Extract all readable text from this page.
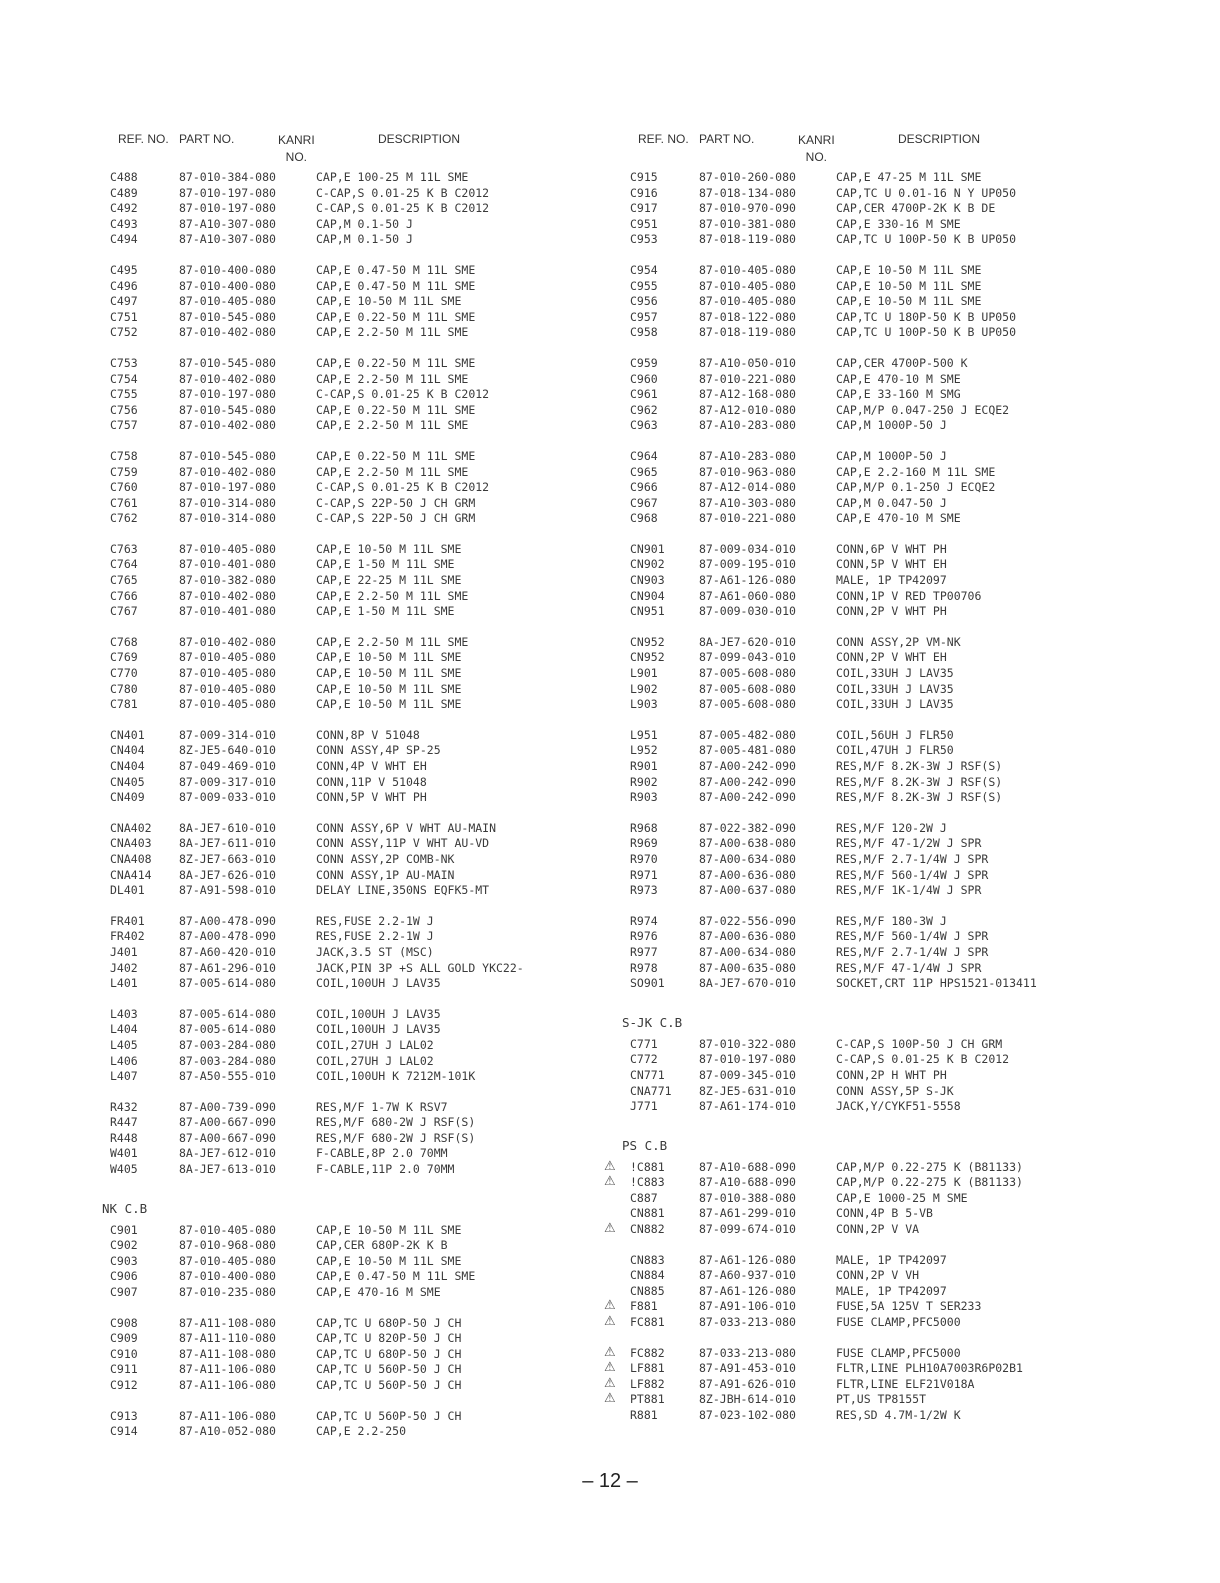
REF. NO. PART NO.	KANRI
NO.
DESCRIPTION
C488	87-010-384-080	CAP,E 100-25 M 11L SME
C489	87-010-197-080	C-CAP,S 0.01-25 K B C2012
C492	87-010-197-080	C-CAP,S 0.01-25 K B C2012
C493	87-A10-307-080	CAP,M 0.1-50 J
C494	87-A10-307-080	CAP,M 0.1-50 J
C495	87-010-400-080	CAP,E 0.47-50 M 11L SME
C496	87-010-400-080	CAP,E 0.47-50 M 11L SME
C497	87-010-405-080	CAP,E 10-50 M 11L SME
C751	87-010-545-080	CAP,E 0.22-50 M 11L SME
C752	87-010-402-080	CAP,E 2.2-50 M 11L SME
C753	87-010-545-080	CAP,E 0.22-50 M 11L SME
C754	87-010-402-080	CAP,E 2.2-50 M 11L SME
C755	87-010-197-080	C-CAP,S 0.01-25 K B C2012
C756	87-010-545-080	CAP,E 0.22-50 M 11L SME
C757	87-010-402-080	CAP,E 2.2-50 M 11L SME
C758	87-010-545-080	CAP,E 0.22-50 M 11L SME
C759	87-010-402-080	CAP,E 2.2-50 M 11L SME
C760	87-010-197-080	C-CAP,S 0.01-25 K B C2012
C761	87-010-314-080	C-CAP,S 22P-50 J CH GRM
C762	87-010-314-080	C-CAP,S 22P-50 J CH GRM
C763	87-010-405-080	CAP,E 10-50 M 11L SME
C764	87-010-401-080	CAP,E 1-50 M 11L SME
C765	87-010-382-080	CAP,E 22-25 M 11L SME
C766	87-010-402-080	CAP,E 2.2-50 M 11L SME
C767	87-010-401-080	CAP,E 1-50 M 11L SME
C768	87-010-402-080	CAP,E 2.2-50 M 11L SME
C769	87-010-405-080	CAP,E 10-50 M 11L SME
C770	87-010-405-080	CAP,E 10-50 M 11L SME
C780	87-010-405-080	CAP,E 10-50 M 11L SME
C781	87-010-405-080	CAP,E 10-50 M 11L SME
CN401	87-009-314-010	CONN,8P V 51048
CN404	8Z-JE5-640-010	CONN ASSY,4P SP-25
CN404	87-049-469-010	CONN,4P V WHT EH
CN405	87-009-317-010	CONN,11P V 51048
CN409	87-009-033-010	CONN,5P V WHT PH
CNA402 8A-JE7-610-010	CONN ASSY,6P V WHT AU-MAIN
CNA403 8A-JE7-611-010	CONN ASSY,11P V WHT AU-VD
CNA408 8Z-JE7-663-010	CONN ASSY,2P COMB-NK
CNA414 8A-JE7-626-010	CONN ASSY,1P AU-MAIN
DL401	87-A91-598-010	DELAY LINE,350NS EQFK5-MT
FR401	87-A00-478-090	RES,FUSE 2.2-1W J
FR402	87-A00-478-090	RES,FUSE 2.2-1W J
J401	87-A60-420-010	JACK,3.5 ST (MSC)
J402	87-A61-296-010	JACK,PIN 3P +S ALL GOLD YKC22-
L401	87-005-614-080	COIL,100UH J LAV35
L403	87-005-614-080	COIL,100UH J LAV35
L404	87-005-614-080	COIL,100UH J LAV35
L405	87-003-284-080	COIL,27UH J LAL02
L406	87-003-284-080	COIL,27UH J LAL02
L407	87-A50-555-010	COIL,100UH K 7212M-101K
R432	87-A00-739-090	RES,M/F 1-7W K RSV7
R447	87-A00-667-090	RES,M/F 680-2W J RSF(S)
R448	87-A00-667-090	RES,M/F 680-2W J RSF(S)
W401	8A-JE7-612-010	F-CABLE,8P 2.0 70MM
W405	8A-JE7-613-010	F-CABLE,11P 2.0 70MM
NK C.B
C901	87-010-405-080	CAP,E 10-50 M 11L SME
C902	87-010-968-080	CAP,CER 680P-2K K B
C903	87-010-405-080	CAP,E 10-50 M 11L SME
C906	87-010-400-080	CAP,E 0.47-50 M 11L SME
C907	87-010-235-080	CAP,E 470-16 M SME
C908	87-A11-108-080	CAP,TC U 680P-50 J CH
C909	87-A11-110-080	CAP,TC U 820P-50 J CH
C910	87-A11-108-080	CAP,TC U 680P-50 J CH
C911	87-A11-106-080	CAP,TC U 560P-50 J CH
C912	87-A11-106-080	CAP,TC U 560P-50 J CH
C913	87-A11-106-080	CAP,TC U 560P-50 J CH
C914	87-A10-052-080	CAP,E 2.2-250
REF. NO. PART NO.	KANRI
NO.
DESCRIPTION
C915	87-010-260-080	CAP,E 47-25 M 11L SME
C916	87-018-134-080	CAP,TC U 0.01-16 N Y UP050
C917	87-010-970-090	CAP,CER 4700P-2K K B DE
C951	87-010-381-080	CAP,E 330-16 M SME
C953	87-018-119-080	CAP,TC U 100P-50 K B UP050
C954	87-010-405-080	CAP,E 10-50 M 11L SME
C955	87-010-405-080	CAP,E 10-50 M 11L SME
C956	87-010-405-080	CAP,E 10-50 M 11L SME
C957	87-018-122-080	CAP,TC U 180P-50 K B UP050
C958	87-018-119-080	CAP,TC U 100P-50 K B UP050
C959	87-A10-050-010	CAP,CER 4700P-500 K
C960	87-010-221-080	CAP,E 470-10 M SME
C961	87-A12-168-080	CAP,E 33-160 M SMG
C962	87-A12-010-080	CAP,M/P 0.047-250 J ECQE2
C963	87-A10-283-080	CAP,M 1000P-50 J
C964	87-A10-283-080	CAP,M 1000P-50 J
C965	87-010-963-080	CAP,E 2.2-160 M 11L SME
C966	87-A12-014-080	CAP,M/P 0.1-250 J ECQE2
C967	87-A10-303-080	CAP,M 0.047-50 J
C968	87-010-221-080	CAP,E 470-10 M SME
CN901	87-009-034-010	CONN,6P V WHT PH
CN902	87-009-195-010	CONN,5P V WHT EH
CN903	87-A61-126-080	MALE, 1P TP42097
CN904	87-A61-060-080	CONN,1P V RED TP00706
CN951	87-009-030-010	CONN,2P V WHT PH
CN952	8A-JE7-620-010	CONN ASSY,2P VM-NK
CN952	87-099-043-010	CONN,2P V WHT EH
L901	87-005-608-080	COIL,33UH J LAV35
L902	87-005-608-080	COIL,33UH J LAV35
L903	87-005-608-080	COIL,33UH J LAV35
L951	87-005-482-080	COIL,56UH J FLR50
L952	87-005-481-080	COIL,47UH J FLR50
R901	87-A00-242-090	RES,M/F 8.2K-3W J RSF(S)
R902	87-A00-242-090	RES,M/F 8.2K-3W J RSF(S)
R903	87-A00-242-090	RES,M/F 8.2K-3W J RSF(S)
R968	87-022-382-090	RES,M/F 120-2W J
R969	87-A00-638-080	RES,M/F 47-1/2W J SPR
R970	87-A00-634-080	RES,M/F 2.7-1/4W J SPR
R971	87-A00-636-080	RES,M/F 560-1/4W J SPR
R973	87-A00-637-080	RES,M/F 1K-1/4W J SPR
R974	87-022-556-090	RES,M/F 180-3W J
R976	87-A00-636-080	RES,M/F 560-1/4W J SPR
R977	87-A00-634-080	RES,M/F 2.7-1/4W J SPR
R978	87-A00-635-080	RES,M/F 47-1/4W J SPR
SO901	8A-JE7-670-010	SOCKET,CRT 11P HPS1521-013411
S-JK C.B
C771	87-010-322-080	C-CAP,S 100P-50 J CH GRM
C772	87-010-197-080	C-CAP,S 0.01-25 K B C2012
CN771	87-009-345-010	CONN,2P H WHT PH
CNA771 8Z-JE5-631-010	CONN ASSY,5P S-JK
J771	87-A61-174-010	JACK,Y/CYKF51-5558
PS C.B
⚠ !C881	87-A10-688-090	CAP,M/P 0.22-275 K (B81133)
⚠ !C883	87-A10-688-090	CAP,M/P 0.22-275 K (B81133)
C887	87-010-388-080	CAP,E 1000-25 M SME
CN881	87-A61-299-010	CONN,4P B 5-VB
⚠ CN882	87-099-674-010	CONN,2P V VA
CN883	87-A61-126-080	MALE, 1P TP42097
CN884	87-A60-937-010	CONN,2P V VH
CN885	87-A61-126-080	MALE, 1P TP42097
⚠ F881	87-A91-106-010	FUSE,5A 125V T SER233
⚠ FC881	87-033-213-080	FUSE CLAMP,PFC5000
⚠ FC882	87-033-213-080	FUSE CLAMP,PFC5000
⚠ LF881	87-A91-453-010	FLTR,LINE PLH10A7003R6P02B1
⚠ LF882	87-A91-626-010	FLTR,LINE ELF21V018A
⚠ PT881	8Z-JBH-614-010	PT,US TP8155T
R881	87-023-102-080	RES,SD 4.7M-1/2W K
– 12 –
